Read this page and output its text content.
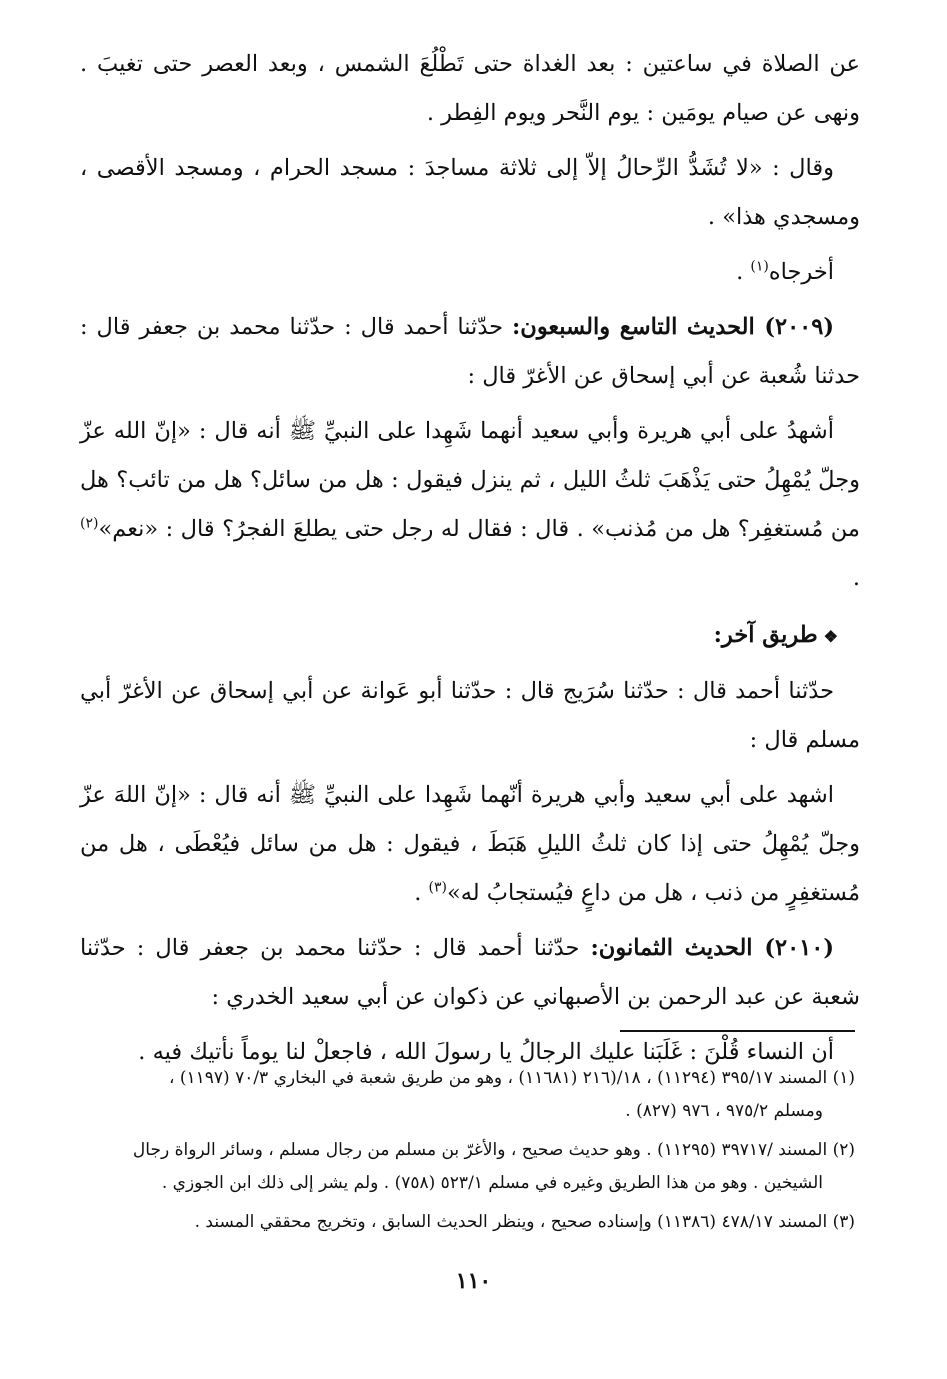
عن الصلاة في ساعتين : بعد الغداة حتى تَطْلُعَ الشمس ، وبعد العصر حتى تغيبَ . ونهى عن صيام يومَين : يوم النَّحر ويوم الفِطر .

وقال : «لا تُشَدُّ الرِّحالُ إلاّ إلى ثلاثة مساجدَ : مسجد الحرام ، ومسجد الأقصى ، ومسجدي هذا» .

أخرجاه$^{(١)}$ .

(٢٠٠٩) الحديث التاسع والسبعون: حدّثنا أحمد قال : حدّثنا محمد بن جعفر قال : حدثنا شُعبة عن أبي إسحاق عن الأغرّ قال :

أشهدُ على أبي هريرة وأبي سعيد أنهما شَهِدا على النبيِّ ﷺ أنه قال : «إنّ الله عزّ وجلّ يُمْهِلُ حتى يَذْهَبَ ثلثُ الليل ، ثم ينزل فيقول : هل من سائل؟ هل من تائب؟ هل من مُستغفِر؟ هل من مُذنب» . قال : فقال له رجل حتى يطلعَ الفجرُ؟ قال : «نعم»$^{(٢)}$ .

❖طريق آخر:

حدّثنا أحمد قال : حدّثنا سُرَيج قال : حدّثنا أبو عَوانة عن أبي إسحاق عن الأغرّ أبي مسلم قال :

اشهد على أبي سعيد وأبي هريرة أنّهما شَهِدا على النبيِّ ﷺ أنه قال : «إنّ اللهَ عزّ وجلّ يُمْهِلُ حتى إذا كان ثلثُ الليلِ هَبَطَ ، فيقول : هل من سائل فيُعْطَى ، هل من مُستغفِرٍ من ذنب ، هل من داعٍ فيُستجابُ له»$^{(٣)}$ .

(٢٠١٠) الحديث الثمانون: حدّثنا أحمد قال : حدّثنا محمد بن جعفر قال : حدّثنا شعبة عن عبد الرحمن بن الأصبهاني عن ذكوان عن أبي سعيد الخدري :

أن النساء قُلْنَ : غَلَبَنا عليك الرجالُ يا رسولَ الله ، فاجعلْ لنا يوماً نأتيك فيه .

(١) المسند ٣٩٥/١٧ (١١٢٩٤) ، ١٨/(٢١٦ (١١٦٨١) ، وهو من طريق شعبة في البخاري ٧٠/٣ (١١٩٧) ،
ومسلم ٩٧٥/٢ ، ٩٧٦ (٨٢٧) .

(٢) المسند /٣٩٧١٧ (١١٢٩٥) . وهو حديث صحيح ، والأغرّ بن مسلم من رجال مسلم ، وسائر الرواة رجال
الشيخين . وهو من هذا الطريق وغيره في مسلم ٥٢٣/١ (٧٥٨) . ولم يشر إلى ذلك ابن الجوزي .

(٣) المسند ٤٧٨/١٧ (١١٣٨٦) وإسناده صحيح ، وينظر الحديث السابق ، وتخريج محققي المسند .

١١٠
